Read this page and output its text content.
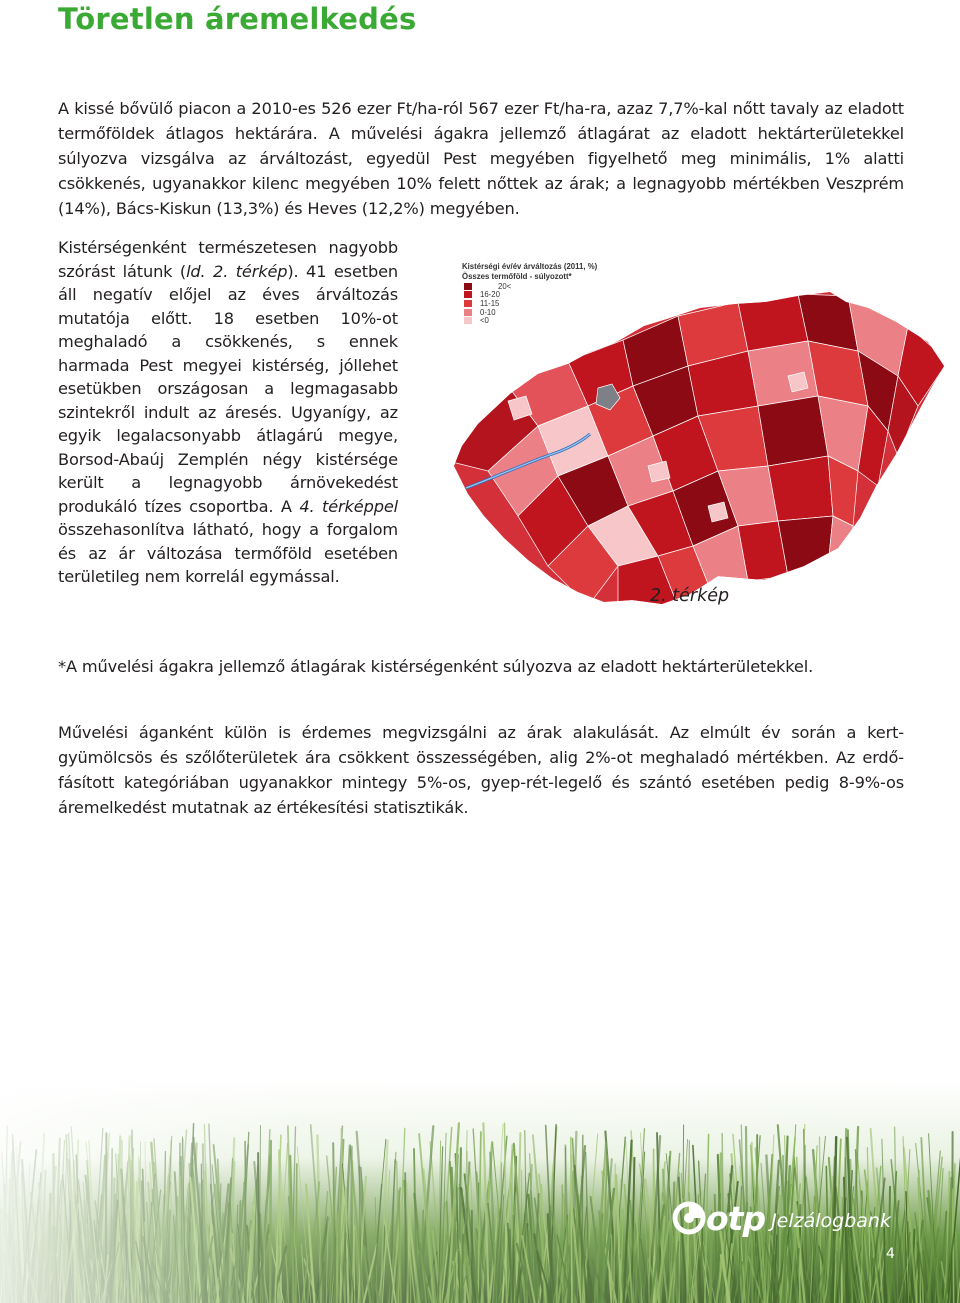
Töretlen áremelkedés

A kissé bővülő piacon a 2010-es 526 ezer Ft/ha-ról 567 ezer Ft/ha-ra, azaz 7,7%-kal nőtt tavaly az eladott termőföldek átlagos hektárára. A művelési ágakra jellemző átlagárat az eladott hektárterületekkel súlyozva vizsgálva az árváltozást, egyedül Pest megyében figyelhető meg minimális, 1% alatti csökkenés, ugyanakkor kilenc megyében 10% felett nőttek az árak; a legnagyobb mértékben Veszprém (14%), Bács-Kiskun (13,3%) és Heves (12,2%) megyében.

Kistérségenként természetesen nagyobb szórást látunk (ld. 2. térkép). 41 esetben áll negatív előjel az éves árváltozás mutatója előtt. 18 esetben 10%-ot meghaladó a csökkenés, s ennek harmada Pest megyei kistérség, jóllehet esetükben országosan a legmagasabb szintekről indult az áresés. Ugyanígy, az egyik legalacsonyabb átlagárú megye, Borsod-Abaúj Zemplén négy kistérsége került a legnagyobb árnövekedést produkáló tízes csoportba. A 4. térképpel összehasonlítva látható, hogy a forgalom és az ár változása termőföld esetében területileg nem korrelál egymással.

Kistérségi év/év árváltozás (2011, %)
Összes termőföld - súlyozott*
20<
16-20
11-15
0-10
<0

2. térkép

*A művelési ágakra jellemző átlagárak kistérségenként súlyozva az eladott hektárterületekkel.

Művelési áganként külön is érdemes megvizsgálni az árak alakulását. Az elmúlt év során a kert-gyümölcsös és szőlőterületek ára csökkent összességében, alig 2%-ot meghaladó mértékben. Az erdő-fásított kategóriában ugyanakkor mintegy 5%-os, gyep-rét-legelő és szántó esetében pedig 8-9%-os áremelkedést mutatnak az értékesítési statisztikák.

otp Jelzálogbank
4
